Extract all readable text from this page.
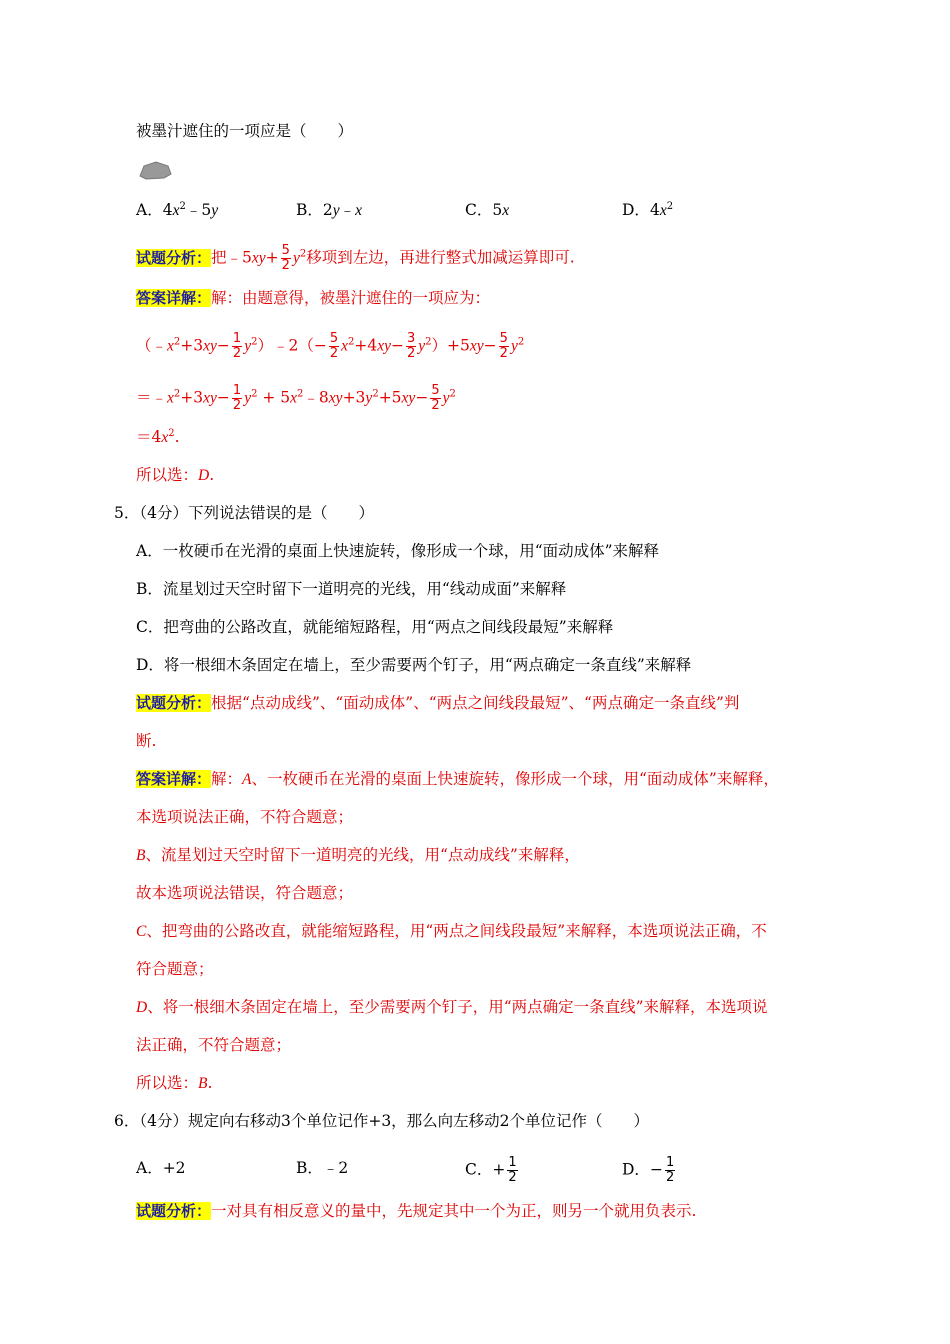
被墨汁遮住的一项应是（　　）
A．$4x^2﹣5y$	B．2y﹣x	C．5x	D．$4x^2$
试题分析：把﹣5xy+ $\frac{5}{2} y^2$移项到左边，再进行整式加减运算即可.
答案详解：解：由题意得，被墨汁遮住的一项应为：
（$﹣x^2+3xy- \frac{1}{2}$ $y^2)﹣2(- \frac{5}{2} x^2+4xy- \frac{3}{2} y^2)+5xy- \frac{5}{2} y^2$
$=﹣x^2+3xy- \frac{1}{2} y^2$ + $5x^2﹣8xy+3y^2+5xy- \frac{5}{2} y^2$
$=4x^2$.
所以选：D.
5．（4分）下列说法错误的是（　　）
A．一枚硬币在光滑的桌面上快速旋转，像形成一个球，用“面动成体”来解释
B．流星划过天空时留下一道明亮的光线，用“线动成面”来解释
C．把弯曲的公路改直，就能缩短路程，用“两点之间线段最短”来解释
D．将一根细木条固定在墙上，至少需要两个钉子，用“两点确定一条直线”来解释
试题分析：根据“点动成线”、“面动成体”、“两点之间线段最短”、“两点确定一条直线”判
断.
答案详解：解：A、一枚硬币在光滑的桌面上快速旋转，像形成一个球，用“面动成体”来解释，
本选项说法正确，不符合题意；
B、流星划过天空时留下一道明亮的光线，用“点动成线”来解释，
故本选项说法错误，符合题意；
C、把弯曲的公路改直，就能缩短路程，用“两点之间线段最短”来解释，本选项说法正确，不
符合题意；
D、将一根细木条固定在墙上，至少需要两个钉子，用“两点确定一条直线”来解释，本选项说
法正确，不符合题意；
所以选：B.
6．（4分）规定向右移动3个单位记作+3，那么向左移动2个单位记作（　　）
A．+2	B．﹣2	C．+ $\frac{1}{2}$	D．− $\frac{1}{2}$
试题分析：一对具有相反意义的量中，先规定其中一个为正，则另一个就用负表示.
